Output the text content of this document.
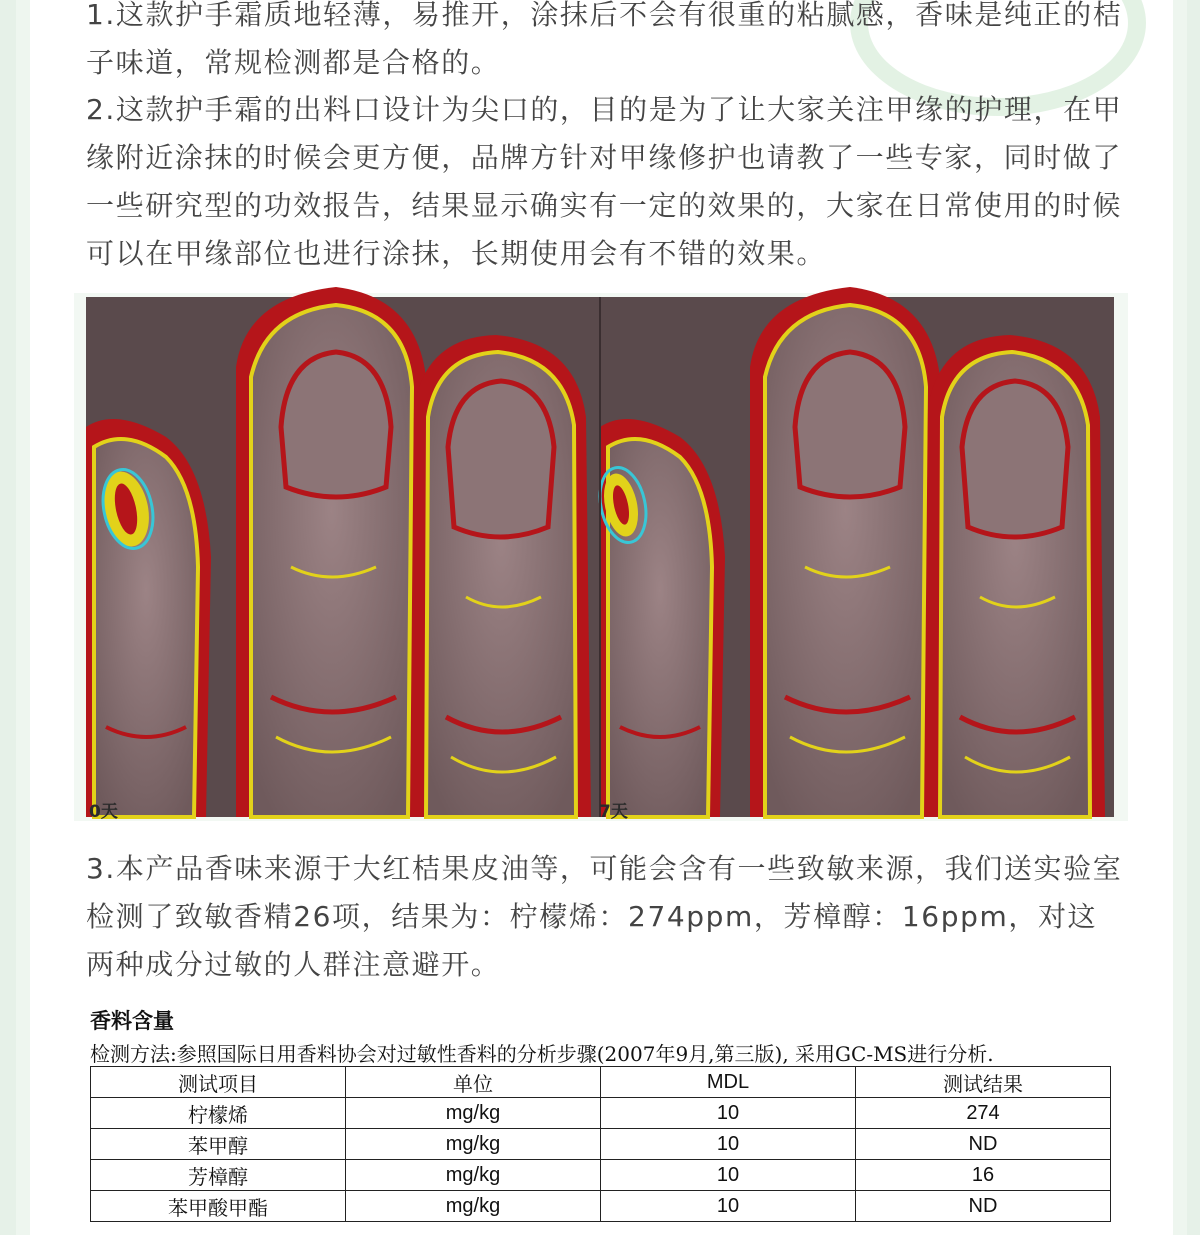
1.这款护手霜质地轻薄，易推开，涂抹后不会有很重的粘腻感，香味是纯正的桔子味道，常规检测都是合格的。

2.这款护手霜的出料口设计为尖口的，目的是为了让大家关注甲缘的护理，在甲缘附近涂抹的时候会更方便，品牌方针对甲缘修护也请教了一些专家，同时做了一些研究型的功效报告，结果显示确实有一定的效果的，大家在日常使用的时候可以在甲缘部位也进行涂抹，长期使用会有不错的效果。

0天	7天

3.本产品香味来源于大红桔果皮油等，可能会含有一些致敏来源，我们送实验室检测了致敏香精26项，结果为：柠檬烯：274ppm，芳樟醇：16ppm，对这两种成分过敏的人群注意避开。

香料含量
检测方法:参照国际日用香料协会对过敏性香料的分析步骤(2007年9月,第三版), 采用GC-MS进行分析.
测试项目	单位	MDL	测试结果
柠檬烯	mg/kg	10	274
苯甲醇	mg/kg	10	ND
芳樟醇	mg/kg	10	16
苯甲酸甲酯	mg/kg	10	ND
